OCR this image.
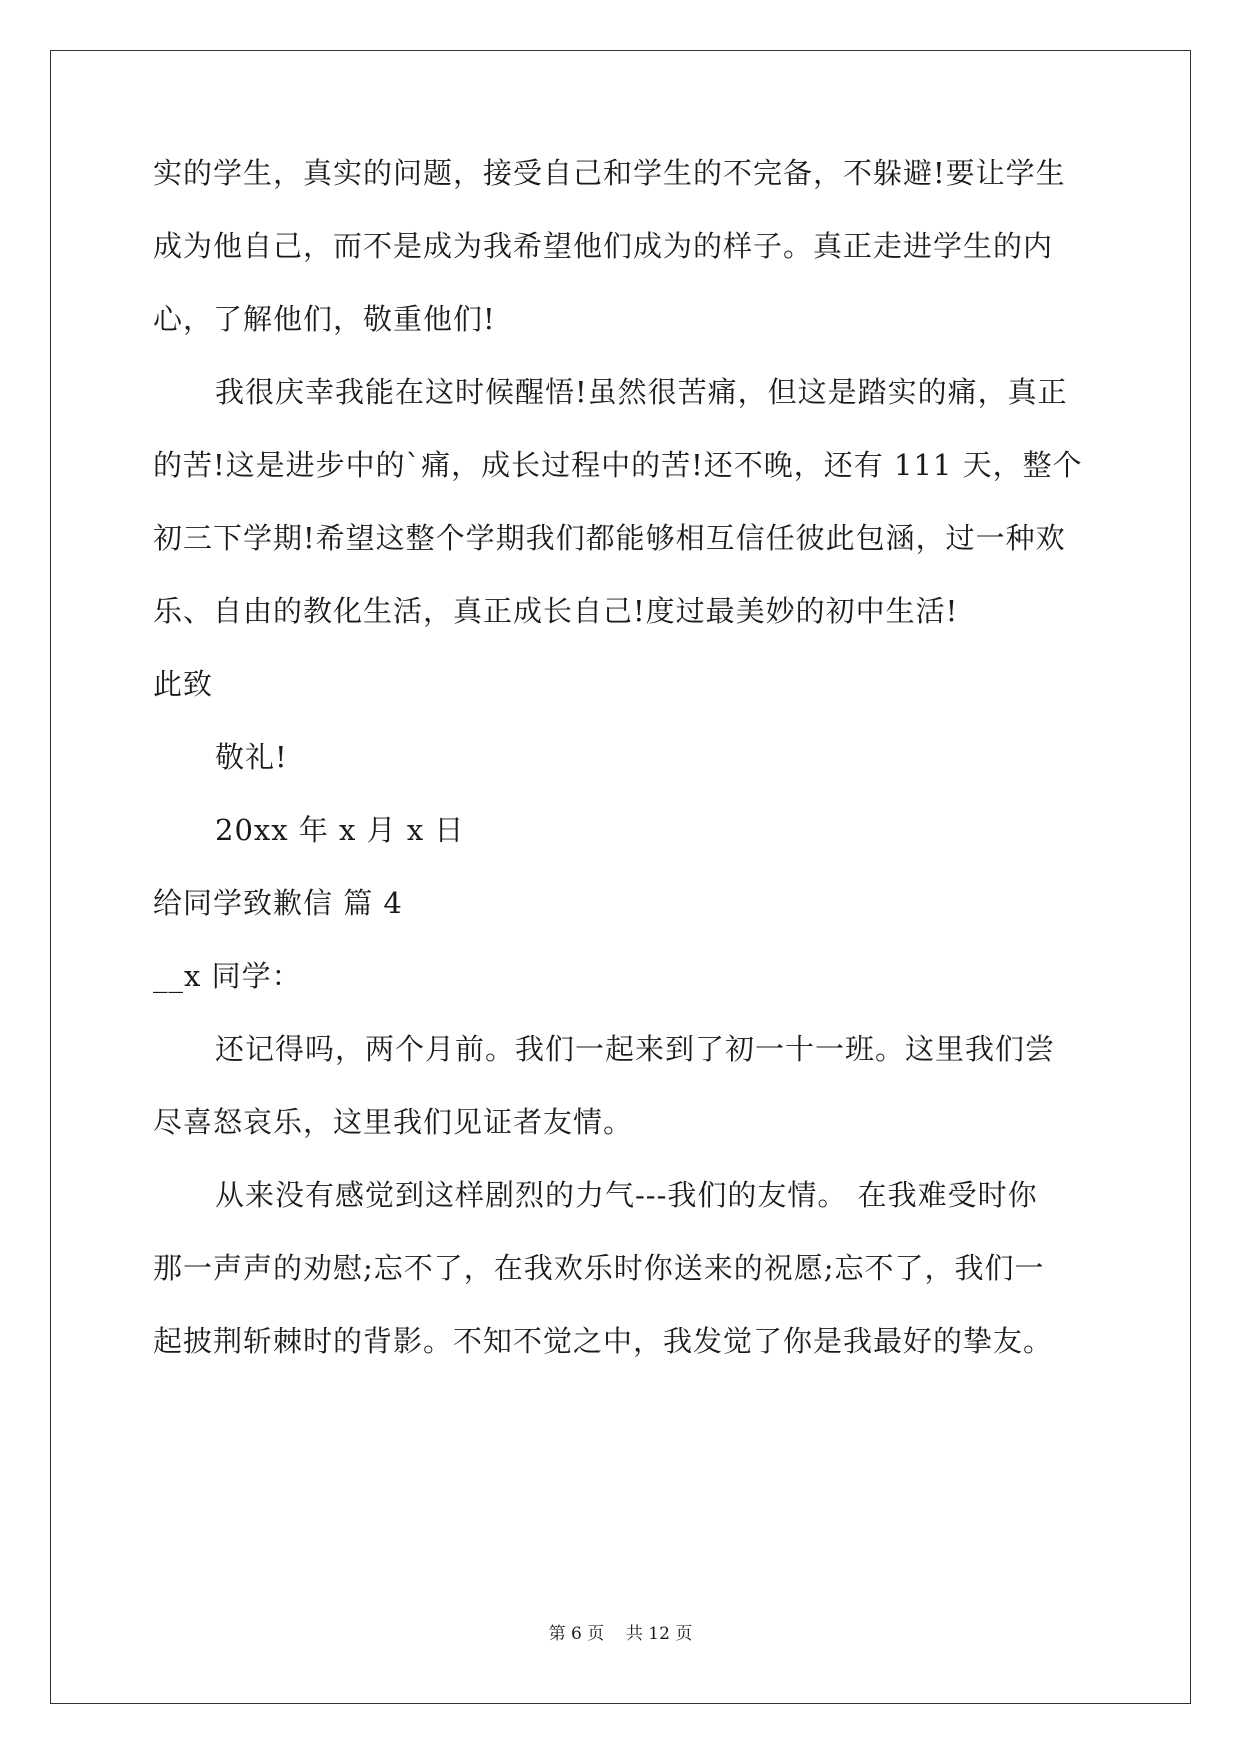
实的学生，真实的问题，接受自己和学生的不完备，不躲避!要让学生
成为他自己，而不是成为我希望他们成为的样子。真正走进学生的内
心，了解他们，敬重他们!
我很庆幸我能在这时候醒悟!虽然很苦痛，但这是踏实的痛，真正
的苦!这是进步中的`痛，成长过程中的苦!还不晚，还有 111 天，整个
初三下学期!希望这整个学期我们都能够相互信任彼此包涵，过一种欢
乐、自由的教化生活，真正成长自己!度过最美妙的初中生活!
此致
敬礼!
20xx 年 x 月 x 日
给同学致歉信 篇 4
__x 同学：
还记得吗，两个月前。我们一起来到了初一十一班。这里我们尝
尽喜怒哀乐，这里我们见证者友情。
从来没有感觉到这样剧烈的力气---我们的友情。 在我难受时你
那一声声的劝慰;忘不了，在我欢乐时你送来的祝愿;忘不了，我们一
起披荆斩棘时的背影。不知不觉之中，我发觉了你是我最好的挚友。
第 6 页    共 12 页
